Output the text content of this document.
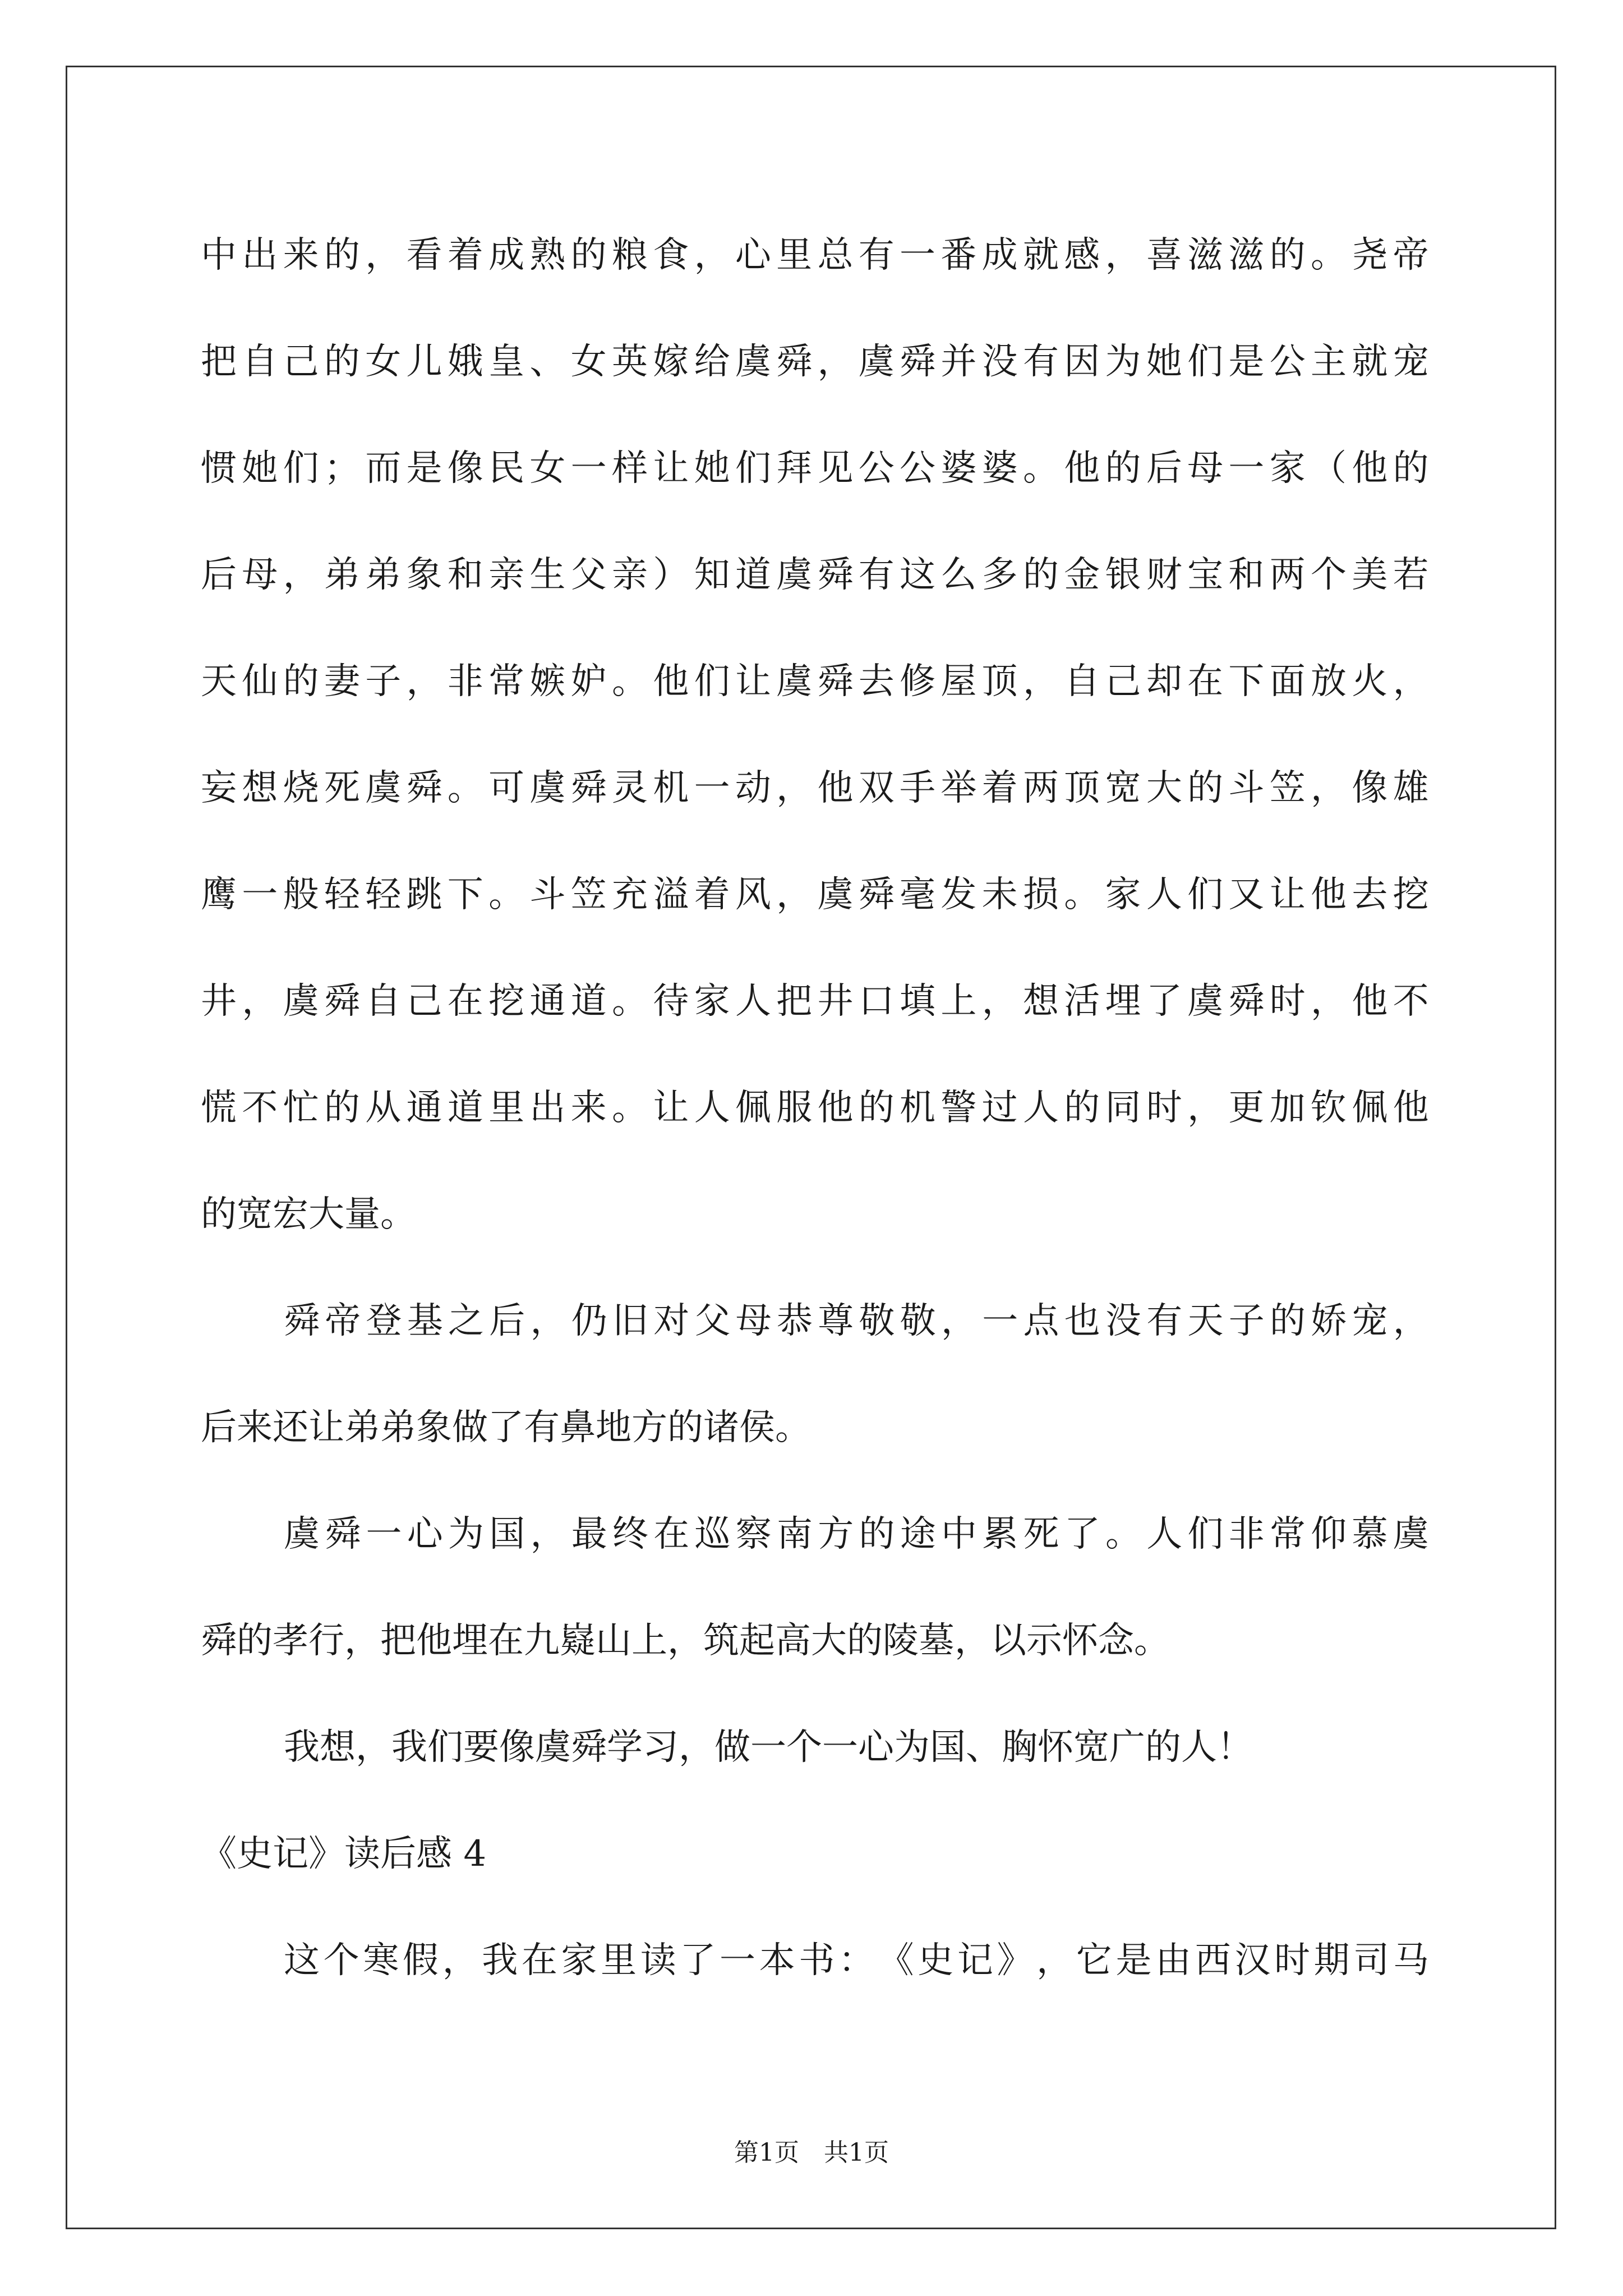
中 出 来 的 ， 看 着 成 熟 的 粮 食 ， 心 里 总 有 一 番 成 就 感 ， 喜 滋 滋 的 。 尧 帝
把 自 己 的 女 儿 娥 皇 、 女 英 嫁 给 虞 舜 ， 虞 舜 并 没 有 因 为 她 们 是 公 主 就 宠
惯 她 们 ； 而 是 像 民 女 一 样 让 她 们 拜 见 公 公 婆 婆 。 他 的 后 母 一 家 （ 他 的
后 母 ， 弟 弟 象 和 亲 生 父 亲 ） 知 道 虞 舜 有 这 么 多 的 金 银 财 宝 和 两 个 美 若
天 仙 的 妻 子 ， 非 常 嫉 妒 。 他 们 让 虞 舜 去 修 屋 顶 ， 自 己 却 在 下 面 放 火 ，
妄 想 烧 死 虞 舜 。 可 虞 舜 灵 机 一 动 ， 他 双 手 举 着 两 顶 宽 大 的 斗 笠 ， 像 雄
鹰 一 般 轻 轻 跳 下 。 斗 笠 充 溢 着 风 ， 虞 舜 毫 发 未 损 。 家 人 们 又 让 他 去 挖
井 ， 虞 舜 自 己 在 挖 通 道 。 待 家 人 把 井 口 填 上 ， 想 活 埋 了 虞 舜 时 ， 他 不
慌 不 忙 的 从 通 道 里 出 来 。 让 人 佩 服 他 的 机 警 过 人 的 同 时 ， 更 加 钦 佩 他
的宽宏大量。
舜 帝 登 基 之 后 ， 仍 旧 对 父 母 恭 尊 敬 敬 ， 一 点 也 没 有 天 子 的 娇 宠 ，
后来还让弟弟象做了有鼻地方的诸侯。
虞 舜 一 心 为 国 ， 最 终 在 巡 察 南 方 的 途 中 累 死 了 。 人 们 非 常 仰 慕 虞
舜的孝行，把他埋在九嶷山上，筑起高大的陵墓，以示怀念。
我想，我们要像虞舜学习，做一个一心为国、胸怀宽广的人！
《史记》读后感 4
这 个 寒 假 ， 我 在 家 里 读 了 一 本 书 ： 《 史 记 》 ， 它 是 由 西 汉 时 期 司 马
第1页　共1页
